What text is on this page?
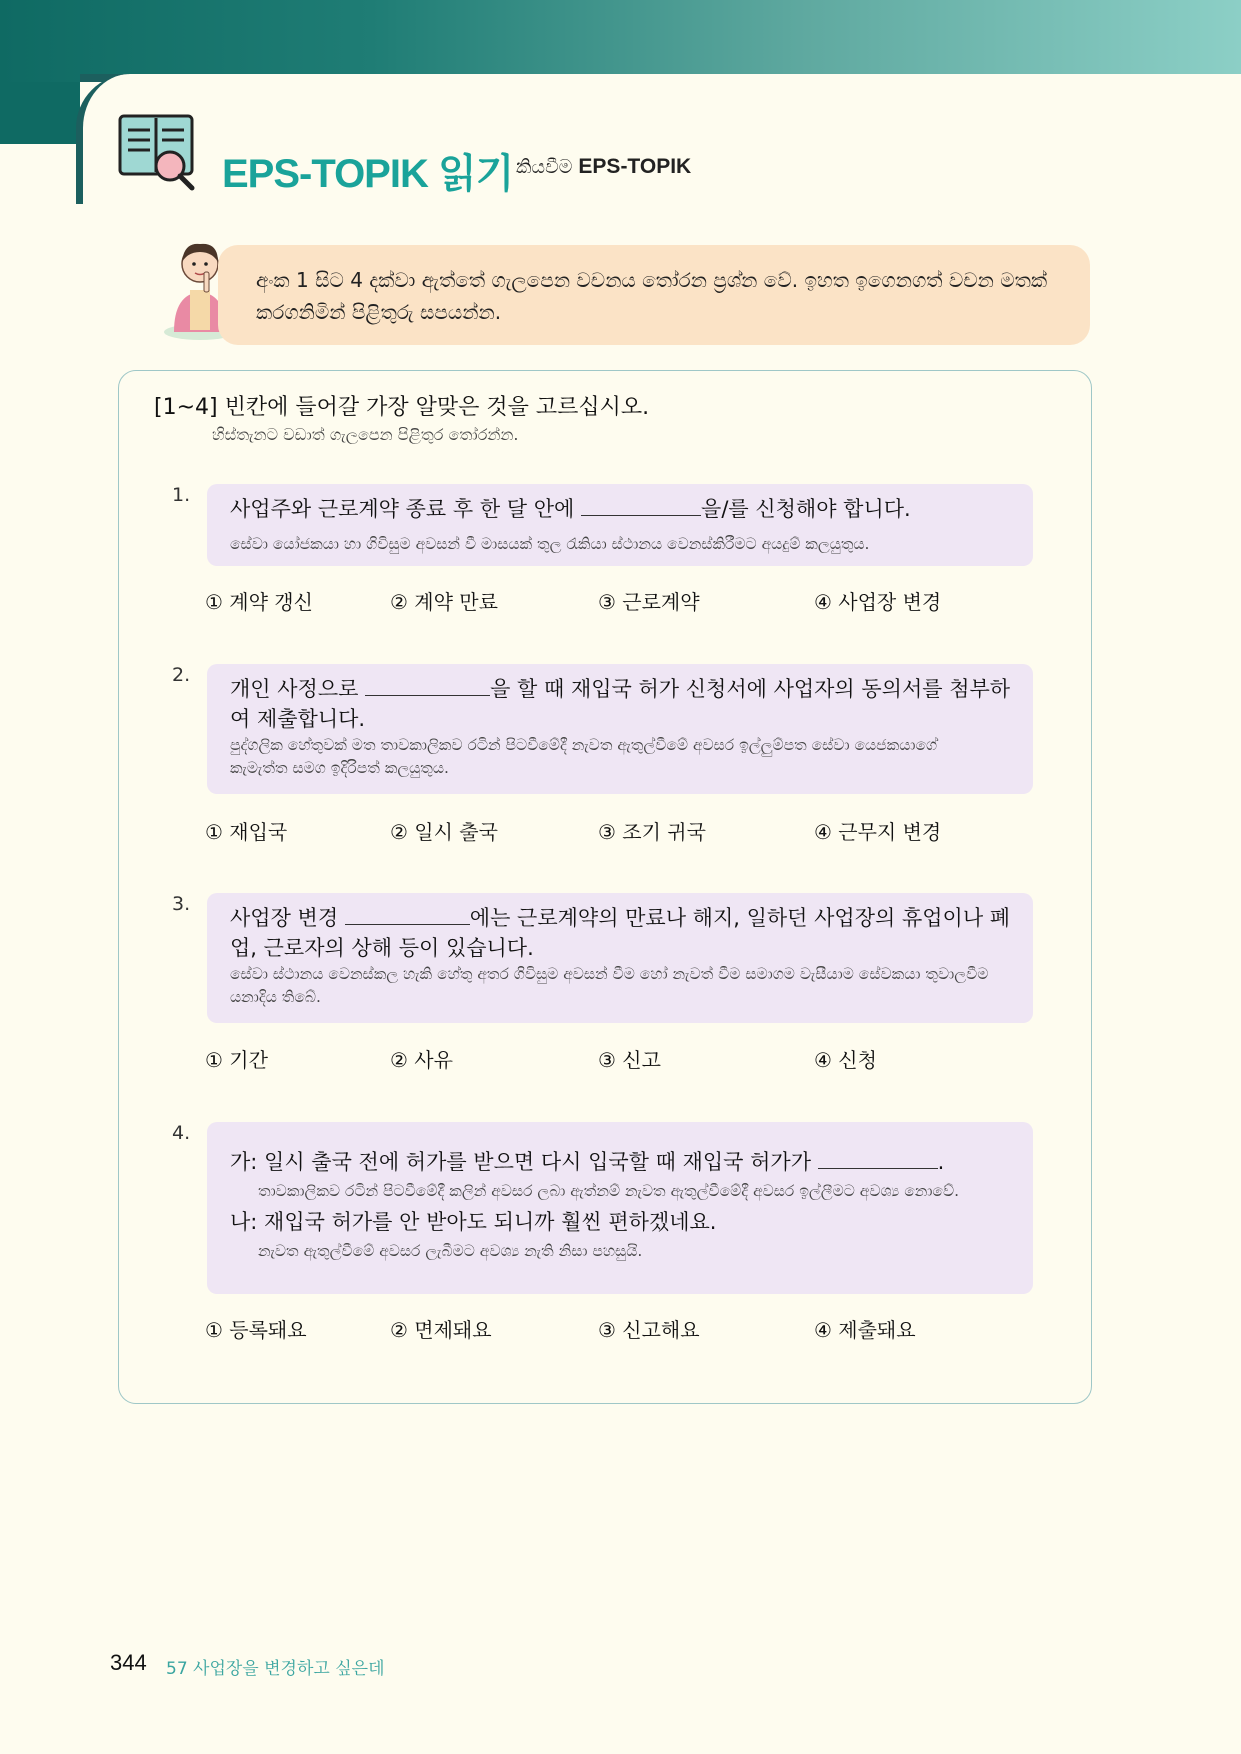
EPS-TOPIK 읽기 කියවීම EPS-TOPIK
අංක 1 සිට 4 දක්වා ඇත්තේ ගැලපෙන වචනය තෝරන ප්‍රශ්න වේ. ඉහත ඉගෙනගත් වචන මතක් කරගනිමින් පිළිතුරු සපයන්න.
[1~4] 빈칸에 들어갈 가장 알맞은 것을 고르십시오.
හිස්තැනට වඩාත් ගැලපෙන පිළිතුර තෝරන්න.
1.
사업주와 근로계약 종료 후 한 달 안에	을/를 신청해야 합니다.
සේවා යෝජකයා හා ගිවිසුම අවසන් වී මාසයක් තුල රැකියා ස්ථානය වෙනස්කිරීමට අයදුම් කලයුතුය.
① 계약 갱신	② 계약 만료	③ 근로계약	④ 사업장 변경
2.
개인 사정으로	을 할 때 재입국 허가 신청서에 사업자의 동의서를 첨부하여 제출합니다.
පුද්ගලික හේතුවක් මත තාවකාලිකව රටින් පිටවීමේදී නැවත ඇතුල්වීමේ අවසර ඉල්ලුම්පත සේවා යෙජකයාගේ කැමැත්ත සමග ඉදිරිපත් කලයුතුය.
① 재입국	② 일시 출국	③ 조기 귀국	④ 근무지 변경
3.
사업장 변경	에는 근로계약의 만료나 해지, 일하던 사업장의 휴업이나 폐업, 근로자의 상해 등이 있습니다.
සේවා ස්ථානය වෙනස්කල හැකි හේතු අතර ගිවිසුම අවසන් වීම හෝ නැවත් වීම සමාගම වැසීයාම සේවකයා තුවාලවීම යනාදිය තිබේ.
① 기간	② 사유	③ 신고	④ 신청
4.
가: 일시 출국 전에 허가를 받으면 다시 입국할 때 재입국 허가가	.
තාවකාලිකව රටින් පිටවීමේදී කලින් අවසර ලබා ඇත්නම් නැවත ඇතුල්වීමේදී අවසර ඉල්ලීමට අවශ්‍ය නොවේ.
나: 재입국 허가를 안 받아도 되니까 훨씬 편하겠네요.
නැවත ඇතුල්වීමේ අවසර ලැබීමට අවශ්‍ය නැති නිසා පහසුයි.
① 등록돼요	② 면제돼요	③ 신고해요	④ 제출돼요
344 57 사업장을 변경하고 싶은데
